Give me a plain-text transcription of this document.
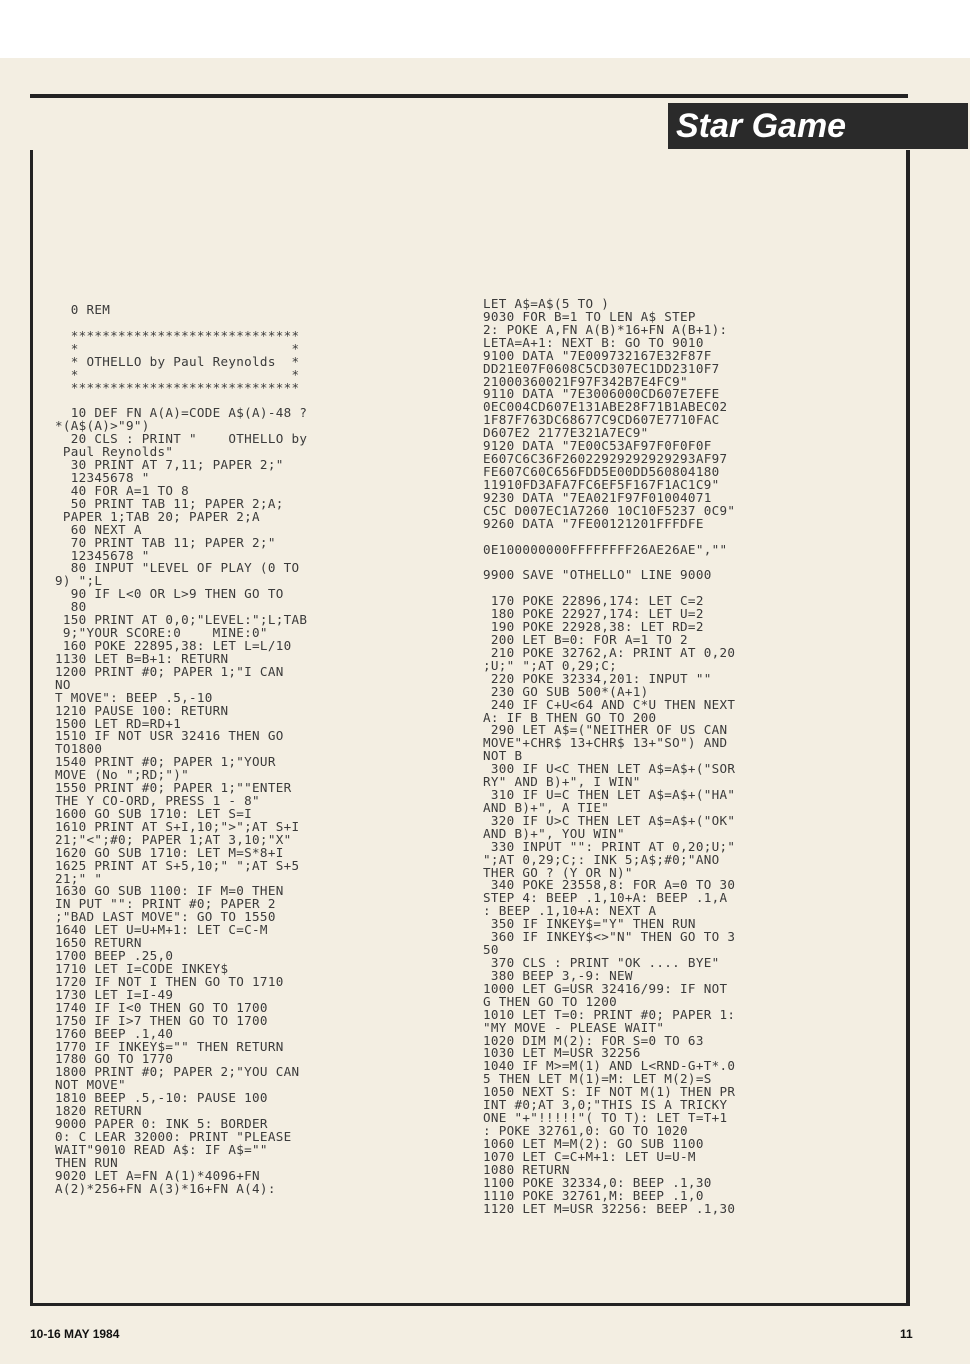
Star Game
0 REM

*****************************
*                           *
* OTHELLO by Paul Reynolds  *
*                           *
*****************************

10 DEF FN A(A)=CODE A$(A)-48 ?
*(A$(A)>"9")
20 CLS : PRINT "    OTHELLO by
Paul Reynolds"
30 PRINT AT 7,11; PAPER 2;"
12345678 "
40 FOR A=1 TO 8
50 PRINT TAB 11; PAPER 2;A;
PAPER 1;TAB 20; PAPER 2;A
60 NEXT A
70 PRINT TAB 11; PAPER 2;"
12345678 "
80 INPUT "LEVEL OF PLAY (0 TO
9) ";L
90 IF L<0 OR L>9 THEN GO TO
80
150 PRINT AT 0,0;"LEVEL:";L;TAB
9;"YOUR SCORE:0    MINE:0"
160 POKE 22895,38: LET L=L/10
1130 LET B=B+1: RETURN
1200 PRINT #0; PAPER 1;"I CAN
NO
T MOVE": BEEP .5,-10
1210 PAUSE 100: RETURN
1500 LET RD=RD+1
1510 IF NOT USR 32416 THEN GO
TO1800
1540 PRINT #0; PAPER 1;"YOUR
MOVE (No ";RD;")"
1550 PRINT #0; PAPER 1;""ENTER
THE Y CO-ORD, PRESS 1 - 8"
1600 GO SUB 1710: LET S=I
1610 PRINT AT S+I,10;">";AT S+I
21;"<";#0; PAPER 1;AT 3,10;"X"
1620 GO SUB 1710: LET M=S*8+I
1625 PRINT AT S+5,10;" ";AT S+5
21;" "
1630 GO SUB 1100: IF M=0 THEN
IN PUT "": PRINT #0; PAPER 2
;"BAD LAST MOVE": GO TO 1550
1640 LET U=U+M+1: LET C=C-M
1650 RETURN
1700 BEEP .25,0
1710 LET I=CODE INKEY$
1720 IF NOT I THEN GO TO 1710
1730 LET I=I-49
1740 IF I<0 THEN GO TO 1700
1750 IF I>7 THEN GO TO 1700
1760 BEEP .1,40
1770 IF INKEY$="" THEN RETURN
1780 GO TO 1770
1800 PRINT #0; PAPER 2;"YOU CAN
NOT MOVE"
1810 BEEP .5,-10: PAUSE 100
1820 RETURN
9000 PAPER 0: INK 5: BORDER
0: C LEAR 32000: PRINT "PLEASE
WAIT"9010 READ A$: IF A$=""
THEN RUN
9020 LET A=FN A(1)*4096+FN
A(2)*256+FN A(3)*16+FN A(4):
LET A$=A$(5 TO )
9030 FOR B=1 TO LEN A$ STEP
2: POKE A,FN A(B)*16+FN A(B+1):
LETA=A+1: NEXT B: GO TO 9010
9100 DATA "7E009732167E32F87F
DD21E07F0608C5CD307EC1DD2310F7
21000360021F97F342B7E4FC9"
9110 DATA "7E3006000CD607E7EFE
0EC004CD607E131ABE28F71B1ABEC02
1F87F763DC68677C9CD607E7710FAC
D607E2 2177E321A7EC9"
9120 DATA "7E00C53AF97F0F0F0F
E607C6C36F26022929292929293AF97
FE607C60C656FDD5E00DD560804180
11910FD3AFA7FC6EF5F167F1AC1C9"
9230 DATA "7EA021F97F01004071
C5C D007EC1A7260 10C10F5237 0C9"
9260 DATA "7FE00121201FFFDFE

0E100000000FFFFFFFF26AE26AE",""

9900 SAVE "OTHELLO" LINE 9000

170 POKE 22896,174: LET C=2
180 POKE 22927,174: LET U=2
190 POKE 22928,38: LET RD=2
200 LET B=0: FOR A=1 TO 2
210 POKE 32762,A: PRINT AT 0,20
;U;" ";AT 0,29;C;
220 POKE 32334,201: INPUT ""
230 GO SUB 500*(A+1)
240 IF C+U<64 AND C*U THEN NEXT
A: IF B THEN GO TO 200
290 LET A$=("NEITHER OF US CAN
MOVE"+CHR$ 13+CHR$ 13+"SO") AND
NOT B
300 IF U<C THEN LET A$=A$+("SOR
RY" AND B)+", I WIN"
310 IF U=C THEN LET A$=A$+("HA"
AND B)+", A TIE"
320 IF U>C THEN LET A$=A$+("OK"
AND B)+", YOU WIN"
330 INPUT "": PRINT AT 0,20;U;"
";AT 0,29;C;: INK 5;A$;#0;"ANO
THER GO ? (Y OR N)"
340 POKE 23558,8: FOR A=0 TO 30
STEP 4: BEEP .1,10+A: BEEP .1,A
: BEEP .1,10+A: NEXT A
350 IF INKEY$="Y" THEN RUN
360 IF INKEY$<>"N" THEN GO TO 3
50
370 CLS : PRINT "OK .... BYE"
380 BEEP 3,-9: NEW
1000 LET G=USR 32416/99: IF NOT
G THEN GO TO 1200
1010 LET T=0: PRINT #0; PAPER 1:
"MY MOVE - PLEASE WAIT"
1020 DIM M(2): FOR S=0 TO 63
1030 LET M=USR 32256
1040 IF M>=M(1) AND L<RND-G+T*.0
5 THEN LET M(1)=M: LET M(2)=S
1050 NEXT S: IF NOT M(1) THEN PR
INT #0;AT 3,0;"THIS IS A TRICKY
ONE "+"!!!!!"( TO T): LET T=T+1
: POKE 32761,0: GO TO 1020
1060 LET M=M(2): GO SUB 1100
1070 LET C=C+M+1: LET U=U-M
1080 RETURN
1100 POKE 32334,0: BEEP .1,30
1110 POKE 32761,M: BEEP .1,0
1120 LET M=USR 32256: BEEP .1,30
10-16 MAY 1984	11
